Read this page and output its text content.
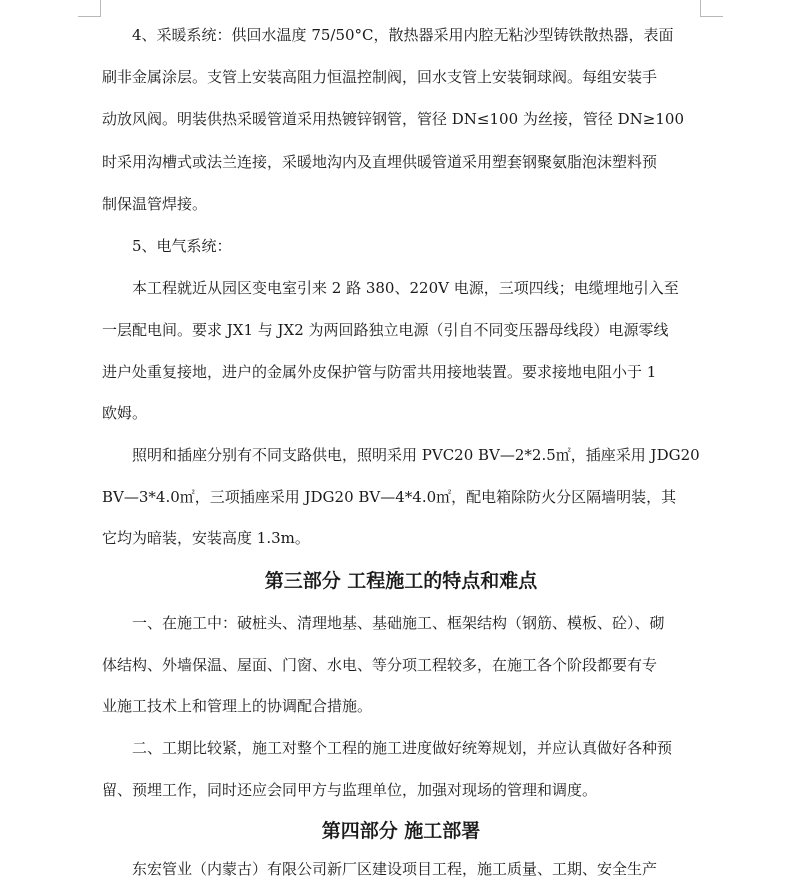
4、采暖系统：供回水温度 75/50°C，散热器采用内腔无粘沙型铸铁散热器，表面
刷非金属涂层。支管上安装高阻力恒温控制阀，回水支管上安装铜球阀。每组安装手
动放风阀。明装供热采暖管道采用热镀锌钢管，管径 DN≤100 为丝接，管径 DN≥100
时采用沟槽式或法兰连接，采暖地沟内及直埋供暖管道采用塑套钢聚氨脂泡沫塑料预
制保温管焊接。
5、电气系统：
本工程就近从园区变电室引来 2 路 380、220V 电源，三项四线；电缆埋地引入至
一层配电间。要求 JX1 与 JX2 为两回路独立电源（引自不同变压器母线段）电源零线
进户处重复接地，进户的金属外皮保护管与防雷共用接地装置。要求接地电阻小于 1
欧姆。
照明和插座分别有不同支路供电，照明采用 PVC20 BV—2*2.5㎡，插座采用 JDG20
BV—3*4.0㎡，三项插座采用 JDG20 BV—4*4.0㎡，配电箱除防火分区隔墙明装，其
它均为暗装，安装高度 1.3m。
第三部分 工程施工的特点和难点
一、在施工中：破桩头、清理地基、基础施工、框架结构（钢筋、模板、砼）、砌
体结构、外墙保温、屋面、门窗、水电、等分项工程较多，在施工各个阶段都要有专
业施工技术上和管理上的协调配合措施。
二、工期比较紧，施工对整个工程的施工进度做好统筹规划，并应认真做好各种预
留、预埋工作，同时还应会同甲方与监理单位，加强对现场的管理和调度。
第四部分 施工部署
东宏管业（内蒙古）有限公司新厂区建设项目工程，施工质量、工期、安全生产
